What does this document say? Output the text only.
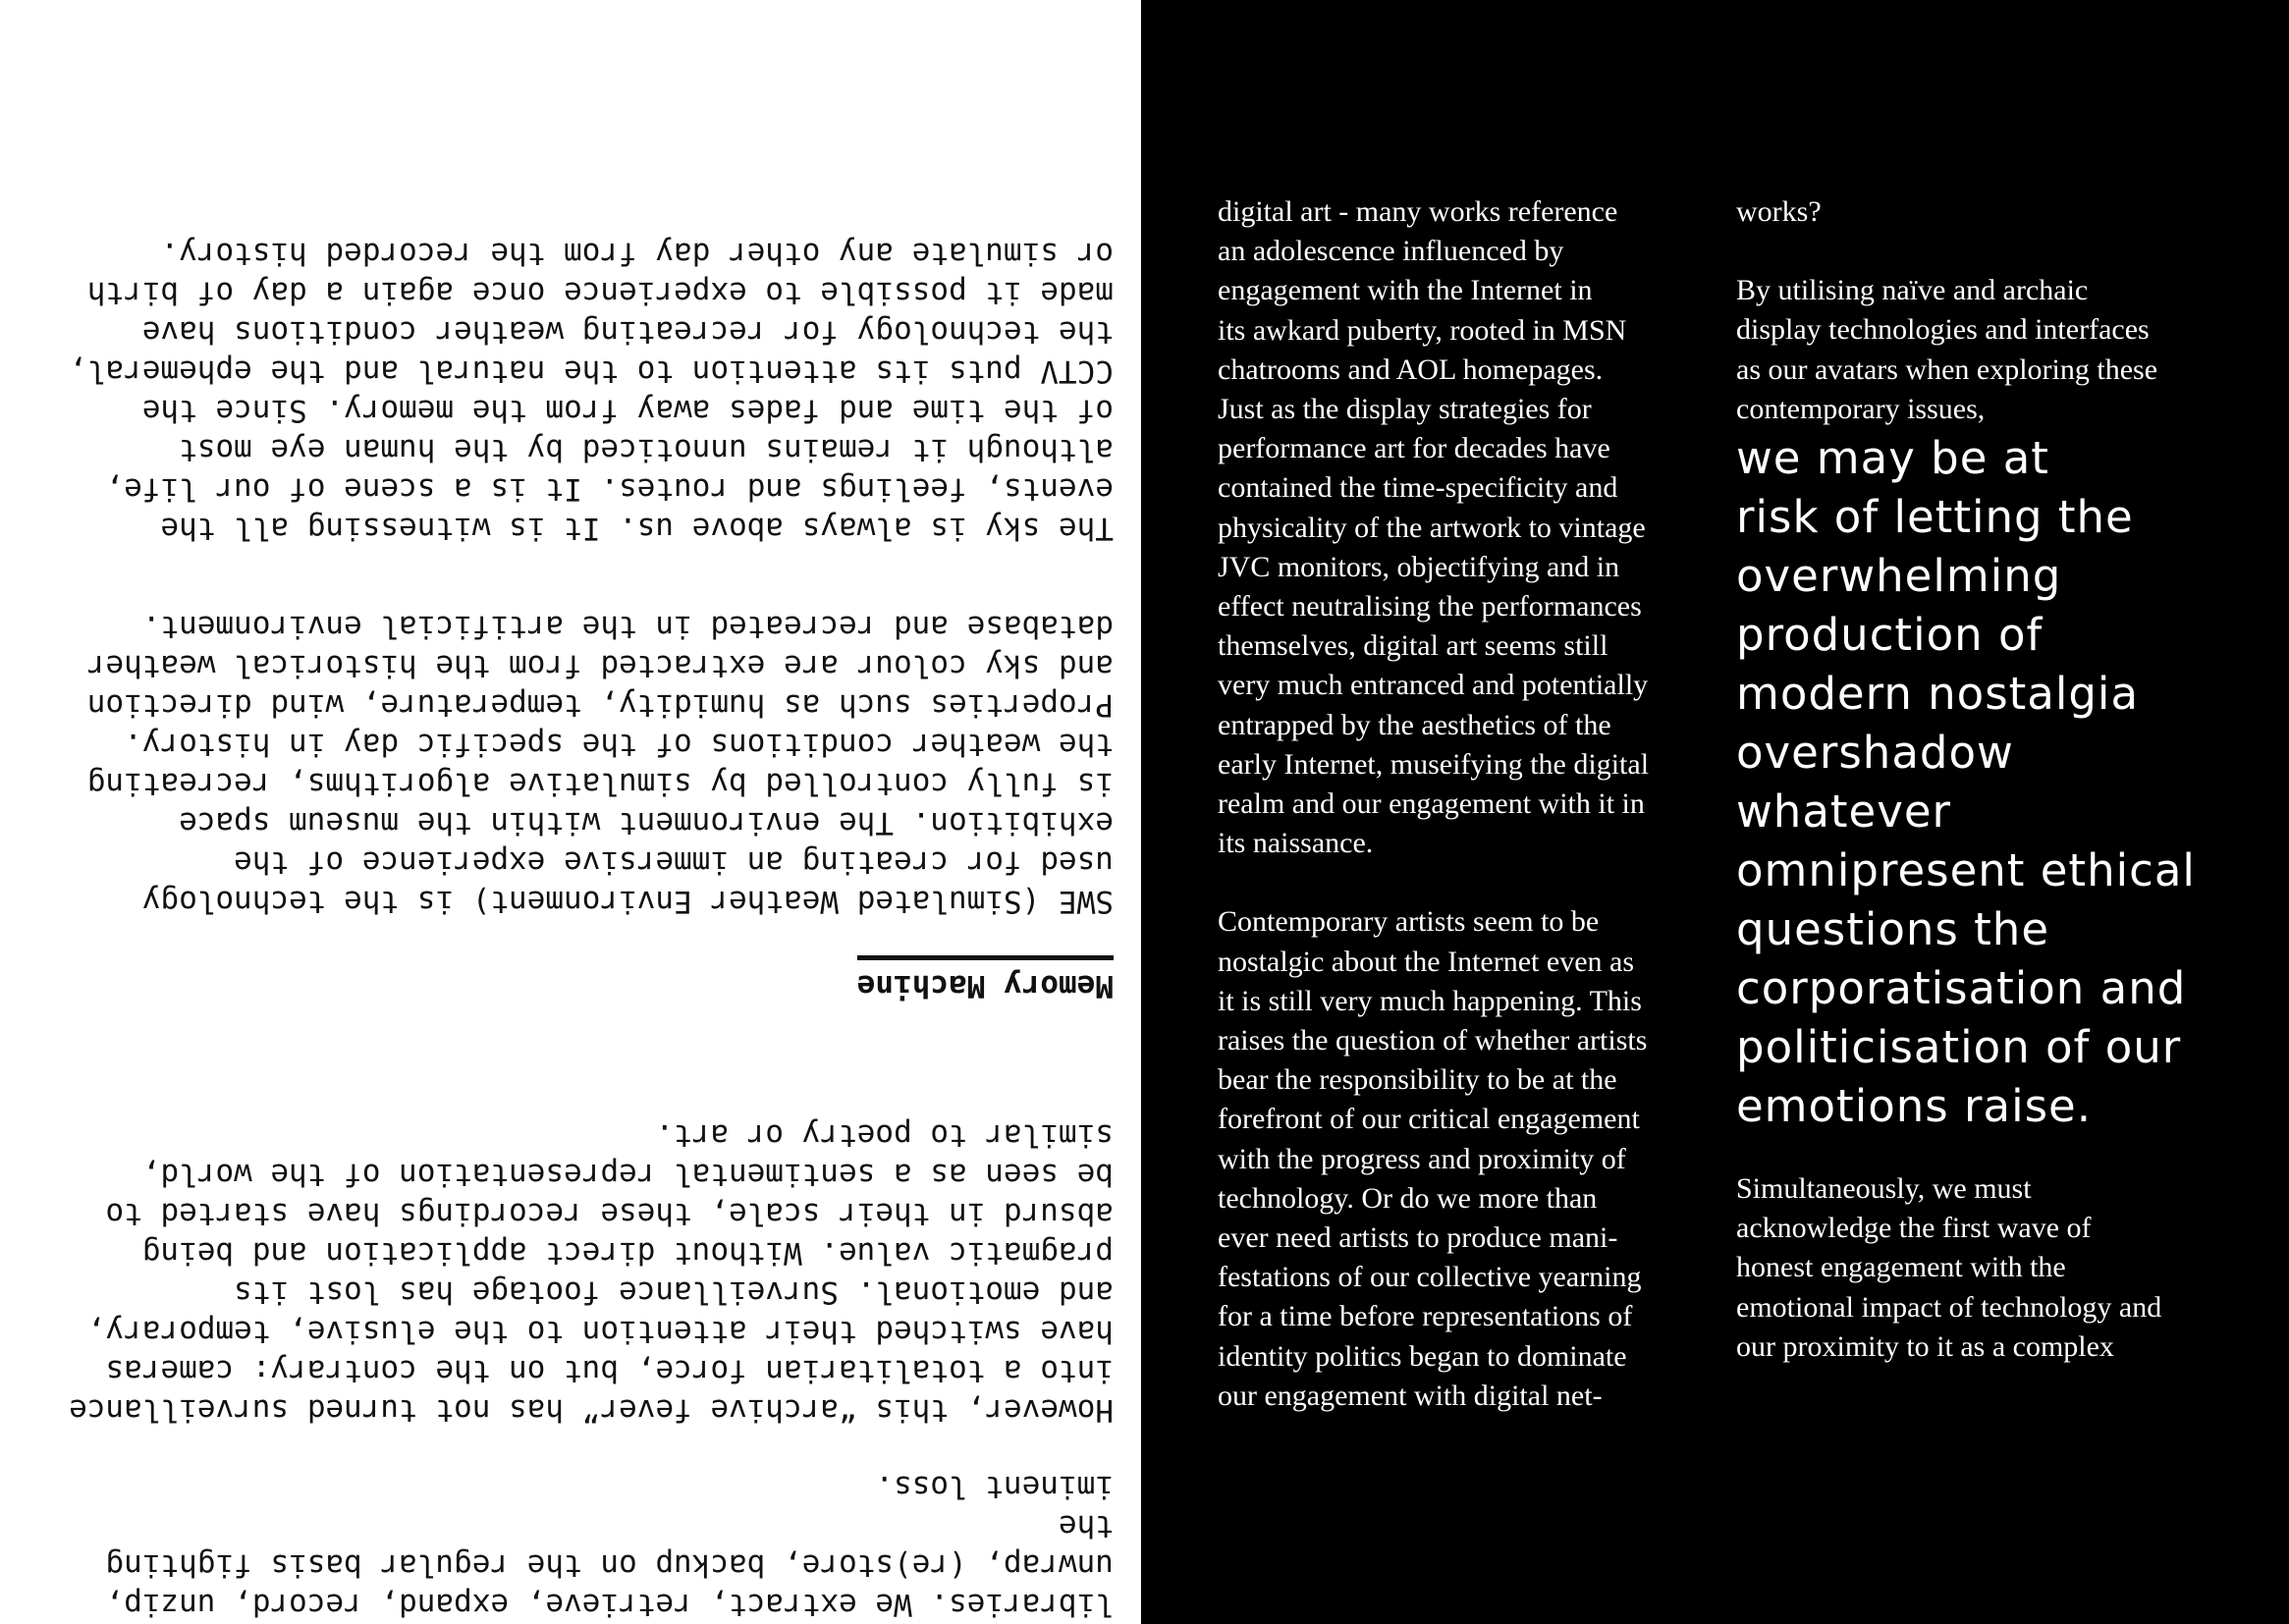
libraries. We extract, retrieve, expand, record, unzip,
unwrap, (re)store, backup on the regular basis fighting the
iminent loss.

However, this “archive fever” has not turned surveillance
into a totalitarian force, but on the contrary: cameras
have switched their attention to the elusive, temporary,
and emotional. Surveillance footage has lost its
pragmatic value. Without direct application and being
absurd in their scale, these recordings have started to
be seen as a sentimental representation of the world,
similar to poetry or art.

Memory Machine

SWE (Simulated Weather Environment) is the technology
used for creating an immersive experience of the
exhibition. The environment within the museum space
is fully controlled by simulative algorithms, recreating
the weather conditions of the specific day in history.
Properties such as humidity, temperature, wind direction
and sky colour are extracted from the historical weather
database and recreated in the artificial environment.

The sky is always above us. It is witnessing all the
events, feelings and routes. It is a scene of our life,
although it remains unnoticed by the human eye most
of the time and fades away from the memory. Since the
CCTV puts its attention to the natural and the ephemeral,
the technology for recreating weather conditions have
made it possible to experience once again a day of birth
or simulate any other day from the recorded history.

digital art - many works reference
an adolescence influenced by
engagement with the Internet in
its awkard puberty, rooted in MSN
chatrooms and AOL homepages.
Just as the display strategies for
performance art for decades have
contained the time-specificity and
physicality of the artwork to vintage
JVC monitors, objectifying and in
effect neutralising the performances
themselves, digital art seems still
very much entranced and potentially
entrapped by the aesthetics of the
early Internet, museifying the digital
realm and our engagement with it in
its naissance.

Contemporary artists seem to be
nostalgic about the Internet even as
it is still very much happening. This
raises the question of whether artists
bear the responsibility to be at the
forefront of our critical engagement
with the progress and proximity of
technology. Or do we more than
ever need artists to produce mani-
festations of our collective yearning
for a time before representations of
identity politics began to dominate
our engagement with digital net-

works?

By utilising naïve and archaic
display technologies and interfaces
as our avatars when exploring these
contemporary issues,

we may be at
risk of letting the
overwhelming
production of
modern nostalgia
overshadow
whatever
omnipresent ethical
questions the
corporatisation and
politicisation of our
emotions raise.

Simultaneously, we must
acknowledge the first wave of
honest engagement with the
emotional impact of technology and
our proximity to it as a complex
